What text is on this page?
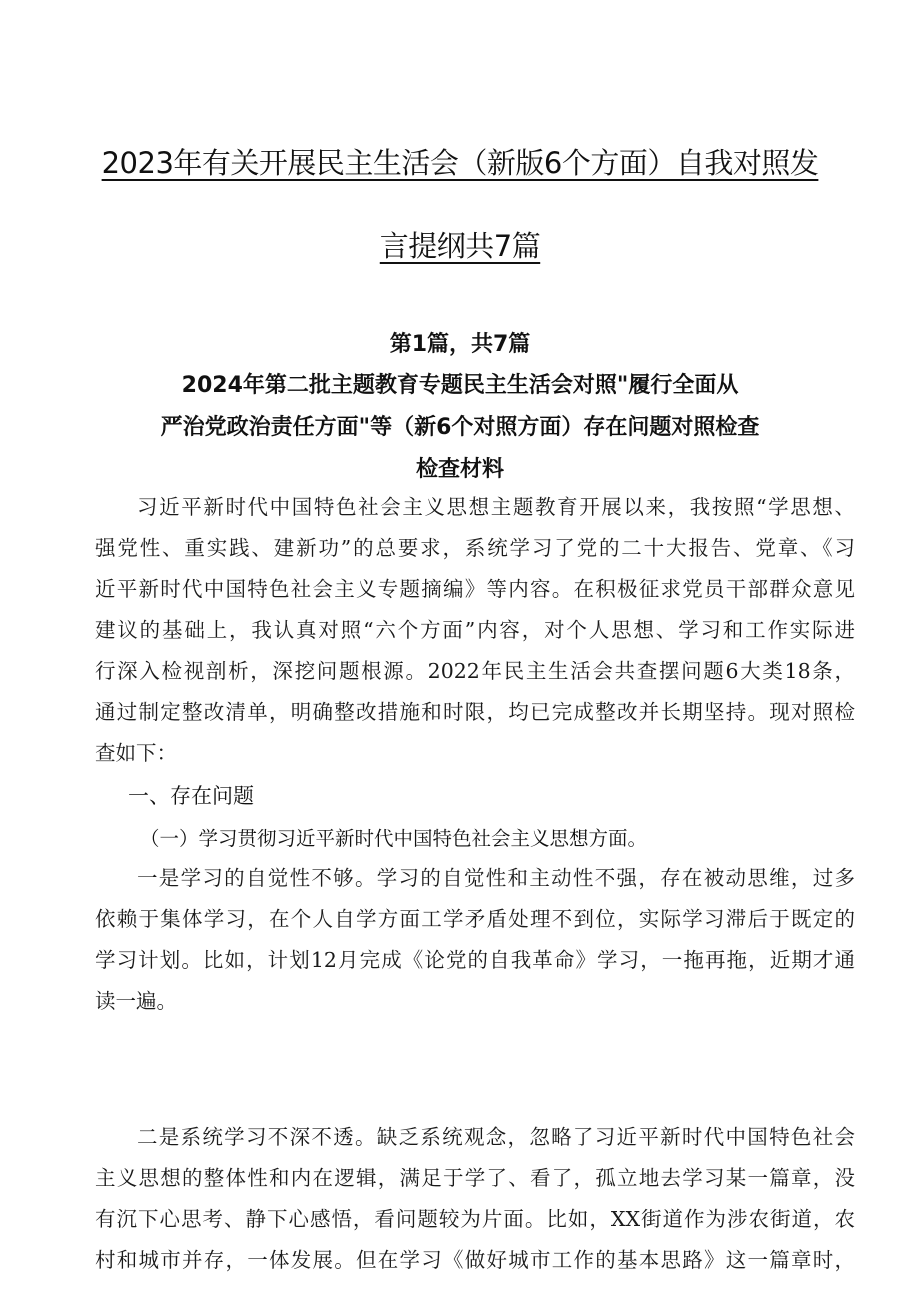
2023年有关开展民主生活会（新版6个方面）自我对照发
言提纲共7篇
第1篇，共7篇
2024年第二批主题教育专题民主生活会对照"履行全面从
严治党政治责任方面"等（新6个对照方面）存在问题对照检查
检查材料
习近平新时代中国特色社会主义思想主题教育开展以来，我按照“学思想、
强党性、重实践、建新功”的总要求，系统学习了党的二十大报告、党章、《习
近平新时代中国特色社会主义专题摘编》等内容。在积极征求党员干部群众意见
建议的基础上，我认真对照“六个方面”内容，对个人思想、学习和工作实际进
行深入检视剖析，深挖问题根源。2022年民主生活会共查摆问题6大类18条，
通过制定整改清单，明确整改措施和时限，均已完成整改并长期坚持。现对照检
查如下：
一、存在问题
（一）学习贯彻习近平新时代中国特色社会主义思想方面。
一是学习的自觉性不够。学习的自觉性和主动性不强，存在被动思维，过多
依赖于集体学习，在个人自学方面工学矛盾处理不到位，实际学习滞后于既定的
学习计划。比如，计划12月完成《论党的自我革命》学习，一拖再拖，近期才通
读一遍。
二是系统学习不深不透。缺乏系统观念，忽略了习近平新时代中国特色社会
主义思想的整体性和内在逻辑，满足于学了、看了，孤立地去学习某一篇章，没
有沉下心思考、静下心感悟，看问题较为片面。比如，XX街道作为涉农街道，农
村和城市并存，一体发展。但在学习《做好城市工作的基本思路》这一篇章时，
